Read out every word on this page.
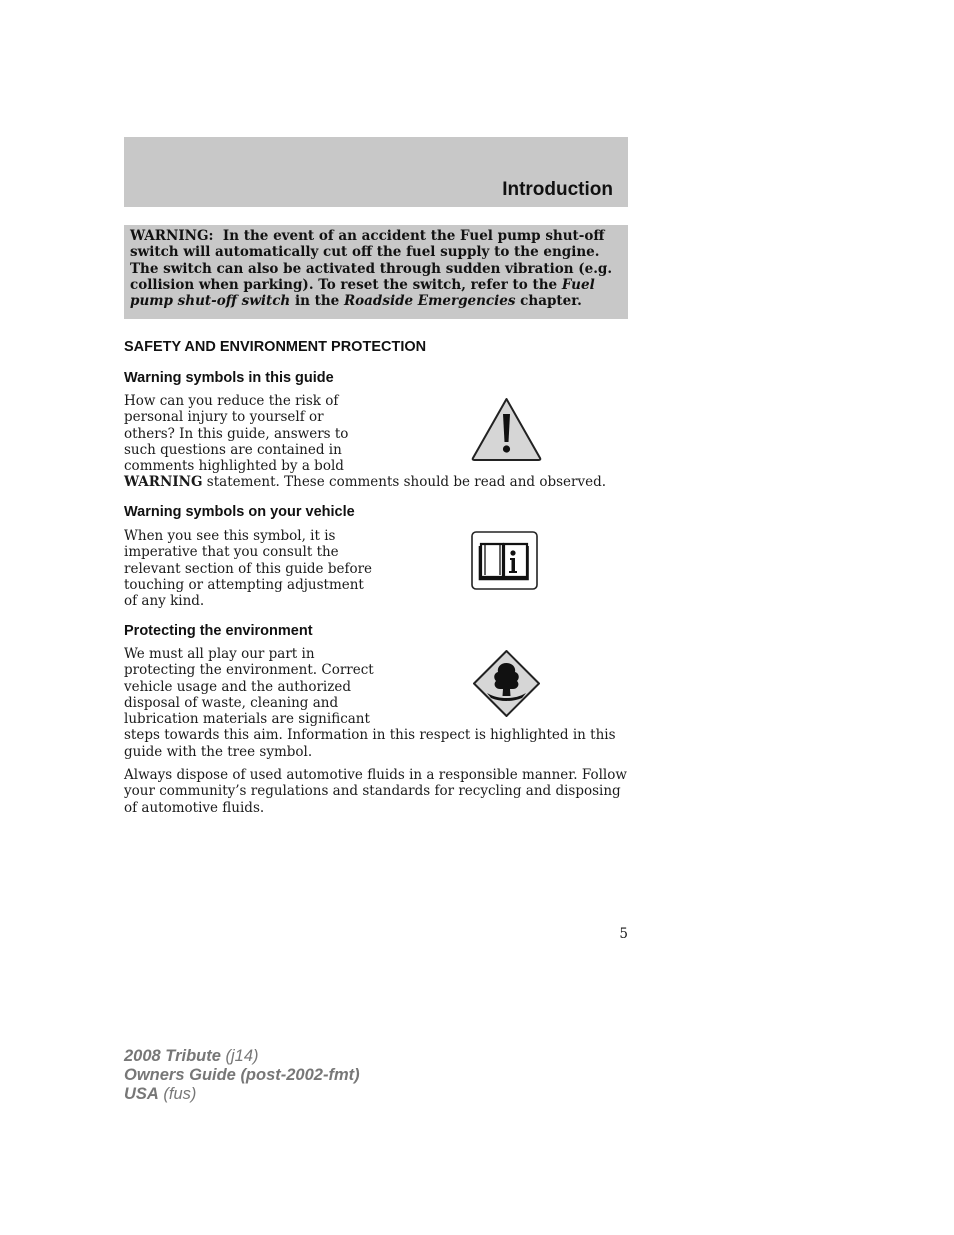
Introduction

WARNING: In the event of an accident the Fuel pump shut-off

switch will automatically cut off the fuel supply to the engine.

The switch can also be activated through sudden vibration (e.g.

collision when parking). To reset the switch, refer to the Fuel

pump shut-off switch in the Roadside Emergencies chapter.

SAFETY AND ENVIRONMENT PROTECTION
Warning symbols in this guide
How can you reduce the risk of
personal injury to yourself or
others? In this guide, answers to
such questions are contained in
comments highlighted by a bold
WARNING statement. These comments should be read and observed.
Warning symbols on your vehicle
When you see this symbol, it is
imperative that you consult the
relevant section of this guide before
touching or attempting adjustment
of any kind.
Protecting the environment
We must all play our part in
protecting the environment. Correct
vehicle usage and the authorized
disposal of waste, cleaning and
lubrication materials are significant
steps towards this aim. Information in this respect is highlighted in this
guide with the tree symbol.
Always dispose of used automotive fluids in a responsible manner. Follow
your community’s regulations and standards for recycling and disposing
of automotive fluids.
5
2008 Tribute (j14)
Owners Guide (post-2002-fmt)
USA (fus)
